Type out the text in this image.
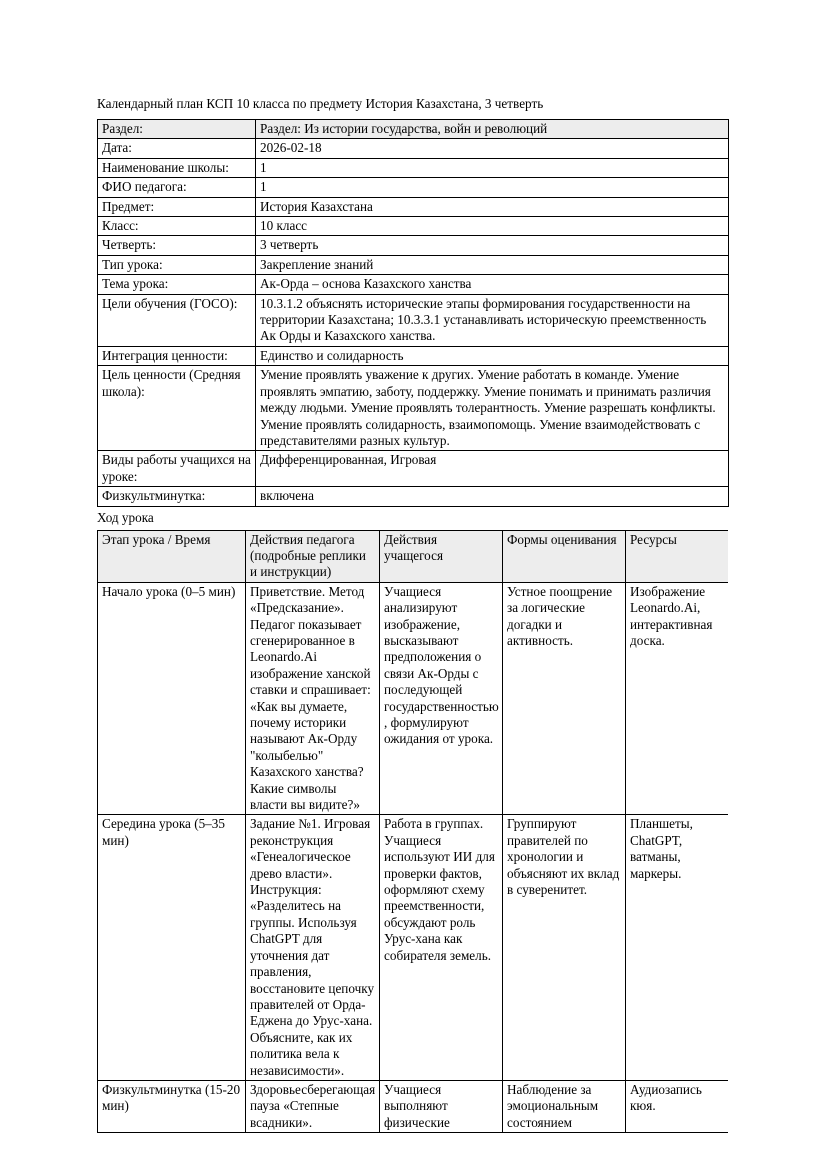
Календарный план КСП 10 класса по предмету История Казахстана, 3 четверть
Раздел:	Раздел: Из истории государства, войн и революций
Дата:	2026-02-18
Наименование школы:	1
ФИО педагога:	1
Предмет:	История Казахстана
Класс:	10 класс
Четверть:	3 четверть
Тип урока:	Закрепление знаний
Тема урока:	Ак-Орда – основа Казахского ханства
Цели обучения (ГОСО):	10.3.1.2 объяснять исторические этапы формирования государственности на территории Казахстана; 10.3.3.1 устанавливать историческую преемственность Ак Орды и Казахского ханства.
Интеграция ценности:	Единство и солидарность
Цель ценности (Средняя школа):	Умение проявлять уважение к других. Умение работать в команде. Умение проявлять эмпатию, заботу, поддержку. Умение понимать и принимать различия между людьми. Умение проявлять толерантность. Умение разрешать конфликты. Умение проявлять солидарность, взаимопомощь. Умение взаимодействовать с представителями разных культур.
Виды работы учащихся на уроке:	Дифференцированная, Игровая
Физкультминутка:	включена
Ход урока
Этап урока / Время	Действия педагога (подробные реплики и инструкции)	Действия учащегося	Формы оценивания	Ресурсы
Начало урока (0–5 мин)	Приветствие. Метод «Предсказание». Педагог показывает сгенерированное в Leonardo.Ai изображение ханской ставки и спрашивает: «Как вы думаете, почему историки называют Ак-Орду "колыбелью" Казахского ханства? Какие символы власти вы видите?»	Учащиеся анализируют изображение, высказывают предположения о связи Ак-Орды с последующей государственностью, формулируют ожидания от урока.	Устное поощрение за логические догадки и активность.	Изображение Leonardo.Ai, интерактивная доска.
Середина урока (5–35 мин)	Задание №1. Игровая реконструкция «Генеалогическое древо власти». Инструкция: «Разделитесь на группы. Используя ChatGPT для уточнения дат правления, восстановите цепочку правителей от Орда-Еджена до Урус-хана. Объясните, как их политика вела к независимости».	Работа в группах. Учащиеся используют ИИ для проверки фактов, оформляют схему преемственности, обсуждают роль Урус-хана как собирателя земель.	Группируют правителей по хронологии и объясняют их вклад в суверенитет.	Планшеты, ChatGPT, ватманы, маркеры.
Физкультминутка (15-20 мин)	Здоровьесберегающая пауза «Степные всадники».	Учащиеся выполняют физические	Наблюдение за эмоциональным состоянием	Аудиозапись кюя.
